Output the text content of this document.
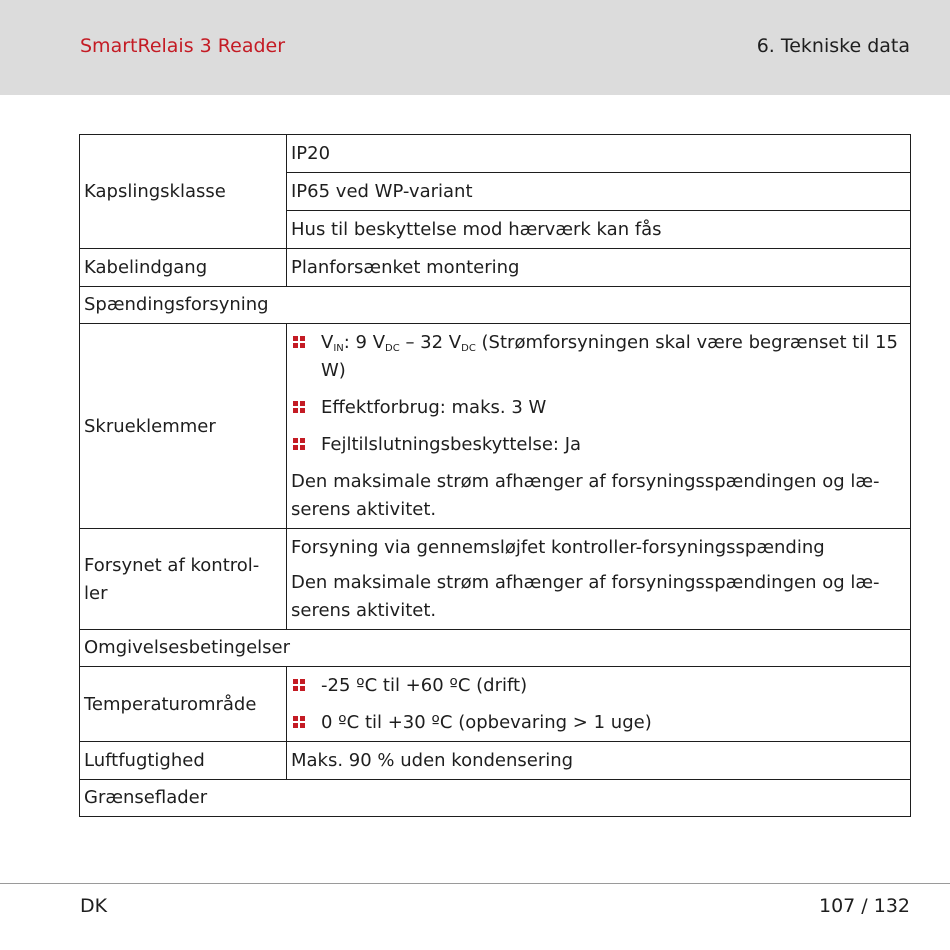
SmartRelais 3 Reader	6. Tekniske data
Kapslingsklasse	IP20
	IP65 ved WP-variant
	Hus til beskyttelse mod hærværk kan fås
Kabelindgang	Planforsænket montering
Spændingsforsyning	
Skrueklemmer	$V_{IN}$: 9 $V_{DC} - 32$ $V_{DC}$ (Strømforsyningen skal være begrænset til 15 W)
Effektforbrug: maks. 3 W
Fejltilslutningsbeskyttelse: Ja
Den maksimale strøm afhænger af forsyningsspændingen og læ-serens aktivitet.

Forsynet af kontrol-ler	Forsyning via gennemsløjfet kontroller-forsyningsspænding
Den maksimale strøm afhænger af forsyningsspændingen og læ-serens aktivitet.

Omgivelsesbetingelser	
Temperaturområde	-25 ºC til +60 ºC (drift)
0 ºC til +30 ºC (opbevaring > 1 uge)

Luftfugtighed	Maks. 90 % uden kondensering
Grænseflader	
DK	107 / 132
